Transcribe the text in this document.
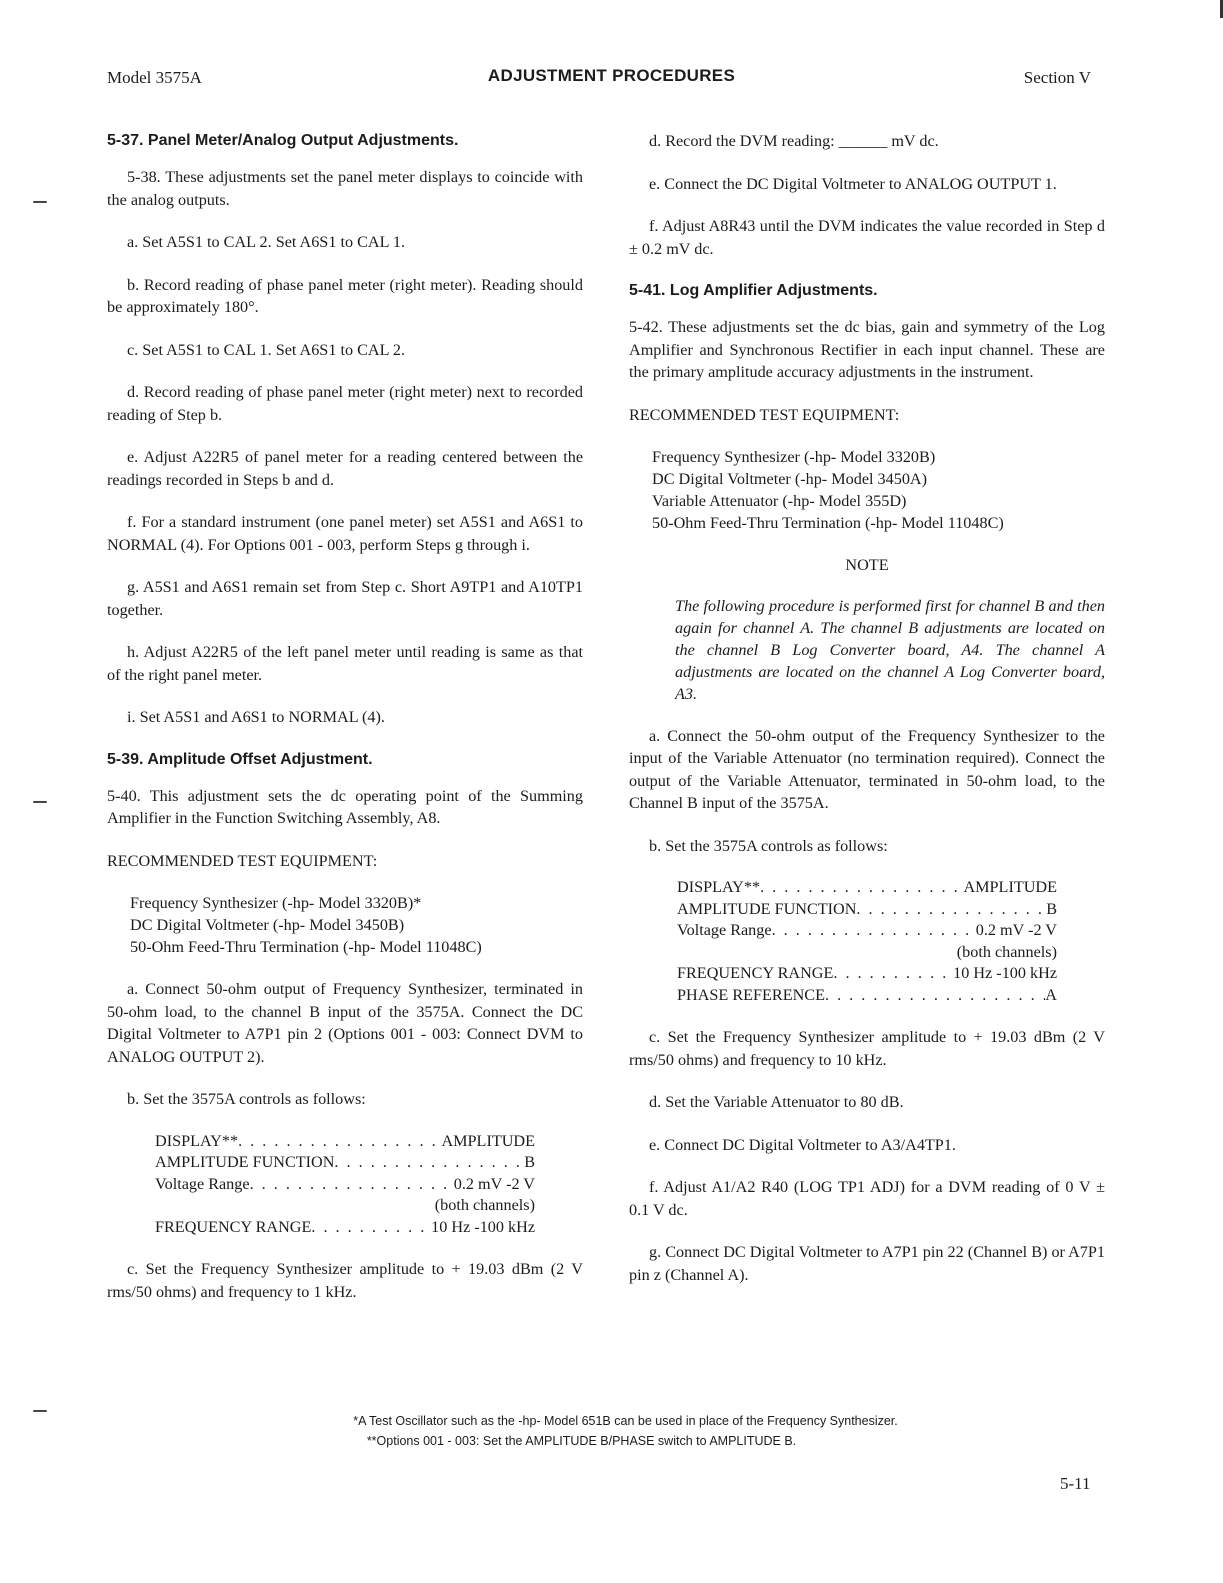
Model 3575A	ADJUSTMENT PROCEDURES	Section V
5-37. Panel Meter/Analog Output Adjustments.
5-38. These adjustments set the panel meter displays to coincide with the analog outputs.
a. Set A5S1 to CAL 2. Set A6S1 to CAL 1.
b. Record reading of phase panel meter (right meter). Reading should be approximately 180°.
c. Set A5S1 to CAL 1. Set A6S1 to CAL 2.
d. Record reading of phase panel meter (right meter) next to recorded reading of Step b.
e. Adjust A22R5 of panel meter for a reading centered between the readings recorded in Steps b and d.
f. For a standard instrument (one panel meter) set A5S1 and A6S1 to NORMAL (4). For Options 001 - 003, perform Steps g through i.
g. A5S1 and A6S1 remain set from Step c. Short A9TP1 and A10TP1 together.
h. Adjust A22R5 of the left panel meter until reading is same as that of the right panel meter.
i. Set A5S1 and A6S1 to NORMAL (4).
5-39. Amplitude Offset Adjustment.
5-40. This adjustment sets the dc operating point of the Summing Amplifier in the Function Switching Assembly, A8.
RECOMMENDED TEST EQUIPMENT:
Frequency Synthesizer (-hp- Model 3320B)*
DC Digital Voltmeter (-hp- Model 3450B)
50-Ohm Feed-Thru Termination (-hp- Model 11048C)
a. Connect 50-ohm output of Frequency Synthesizer, terminated in 50-ohm load, to the channel B input of the 3575A. Connect the DC Digital Voltmeter to A7P1 pin 2 (Options 001 - 003: Connect DVM to ANALOG OUTPUT 2).
b. Set the 3575A controls as follows:
DISPLAY** . . .	AMPLITUDE
AMPLITUDE FUNCTION . . .	B
Voltage Range . . .	0.2 mV -2 V
(both channels)
FREQUENCY RANGE . . .	10 Hz -100 kHz
c. Set the Frequency Synthesizer amplitude to + 19.03 dBm (2 V rms/50 ohms) and frequency to 1 kHz.
d. Record the DVM reading: ______ mV dc.
e. Connect the DC Digital Voltmeter to ANALOG OUTPUT 1.
f. Adjust A8R43 until the DVM indicates the value recorded in Step d ± 0.2 mV dc.
5-41. Log Amplifier Adjustments.
5-42. These adjustments set the dc bias, gain and symmetry of the Log Amplifier and Synchronous Rectifier in each input channel. These are the primary amplitude accuracy adjustments in the instrument.
RECOMMENDED TEST EQUIPMENT:
Frequency Synthesizer (-hp- Model 3320B)
DC Digital Voltmeter (-hp- Model 3450A)
Variable Attenuator (-hp- Model 355D)
50-Ohm Feed-Thru Termination (-hp- Model 11048C)
NOTE
The following procedure is performed first for channel B and then again for channel A. The channel B adjustments are located on the channel B Log Converter board, A4. The channel A adjustments are located on the channel A Log Converter board, A3.
a. Connect the 50-ohm output of the Frequency Synthesizer to the input of the Variable Attenuator (no termination required). Connect the output of the Variable Attenuator, terminated in 50-ohm load, to the Channel B input of the 3575A.
b. Set the 3575A controls as follows:
DISPLAY** . . .	AMPLITUDE
AMPLITUDE FUNCTION . . .	B
Voltage Range . . .	0.2 mV -2 V
(both channels)
FREQUENCY RANGE . . .	10 Hz -100 kHz
PHASE REFERENCE . . .	A
c. Set the Frequency Synthesizer amplitude to + 19.03 dBm (2 V rms/50 ohms) and frequency to 10 kHz.
d. Set the Variable Attenuator to 80 dB.
e. Connect DC Digital Voltmeter to A3/A4TP1.
f. Adjust A1/A2 R40 (LOG TP1 ADJ) for a DVM reading of 0 V ± 0.1 V dc.
g. Connect DC Digital Voltmeter to A7P1 pin 22 (Channel B) or A7P1 pin z (Channel A).
*A Test Oscillator such as the -hp- Model 651B can be used in place of the Frequency Synthesizer.
**Options 001 - 003: Set the AMPLITUDE B/PHASE switch to AMPLITUDE B.
5-11
